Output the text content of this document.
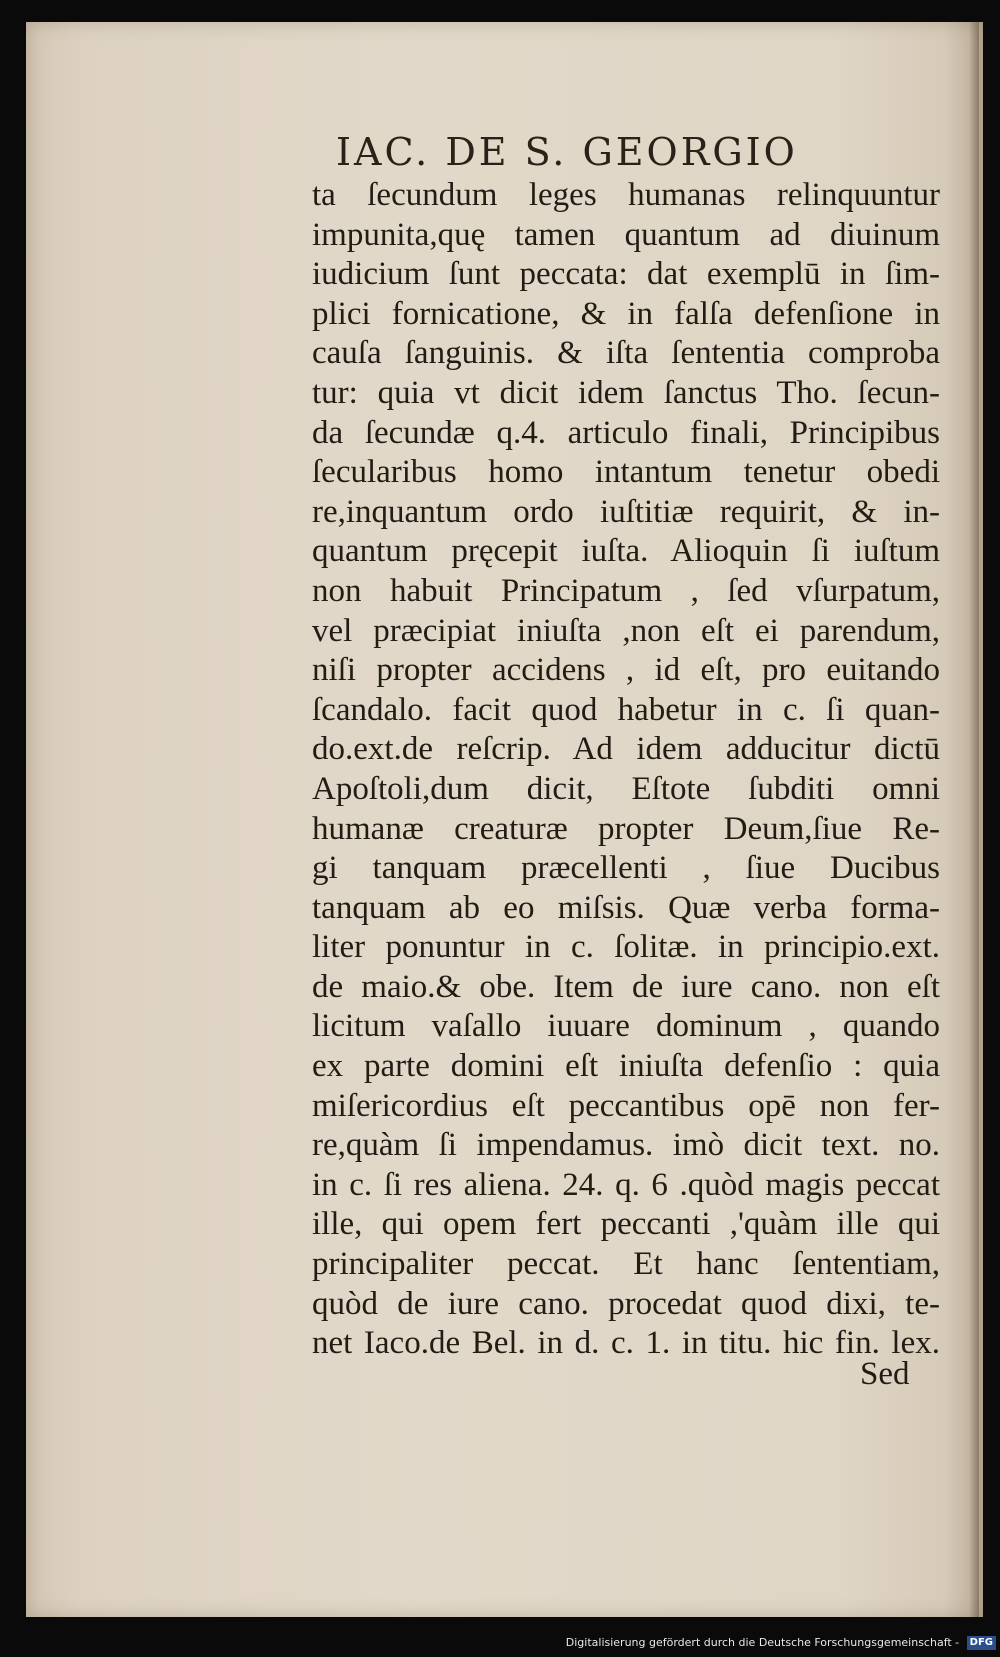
IAC. DE S. GEORGIO
ta ſecundum leges humanas relinquuntur
impunita,quę tamen quantum ad diuinum
iudicium ſunt peccata: dat exemplū in ſim-
plici fornicatione, & in falſa defenſione in
cauſa ſanguinis. & iſta ſententia comproba
tur: quia vt dicit idem ſanctus Tho. ſecun-
da ſecundæ q.4. articulo finali, Principibus
ſecularibus homo intantum tenetur obedi
re,inquantum ordo iuſtitiæ requirit, & in-
quantum pręcepit iuſta. Alioquin ſi iuſtum
non habuit Principatum , ſed vſurpatum,
vel præcipiat iniuſta ,non eſt ei parendum,
niſi propter accidens , id eſt, pro euitando
ſcandalo. facit quod habetur in c. ſi quan-
do.ext.de reſcrip. Ad idem adducitur dictū
Apoſtoli,dum dicit, Eſtote ſubditi omni
humanæ creaturæ propter Deum,ſiue Re-
gi tanquam præcellenti , ſiue Ducibus
tanquam ab eo miſsis. Quæ verba forma-
liter ponuntur in c. ſolitæ. in principio.ext.
de maio.& obe. Item de iure cano. non eſt
licitum vaſallo iuuare dominum , quando
ex parte domini eſt iniuſta defenſio : quia
miſericordius eſt peccantibus opē non fer-
re,quàm ſi impendamus. imò dicit text. no.
in c. ſi res aliena. 24. q. 6 .quòd magis peccat
ille, qui opem fert peccanti ,'quàm ille qui
principaliter peccat. Et hanc ſententiam,
quòd de iure cano. procedat quod dixi, te-
net Iaco.de Bel. in d. c. 1. in titu. hic fin. lex.
Sed
Digitalisierung gefördert durch die Deutsche Forschungsgemeinschaft - DFG
